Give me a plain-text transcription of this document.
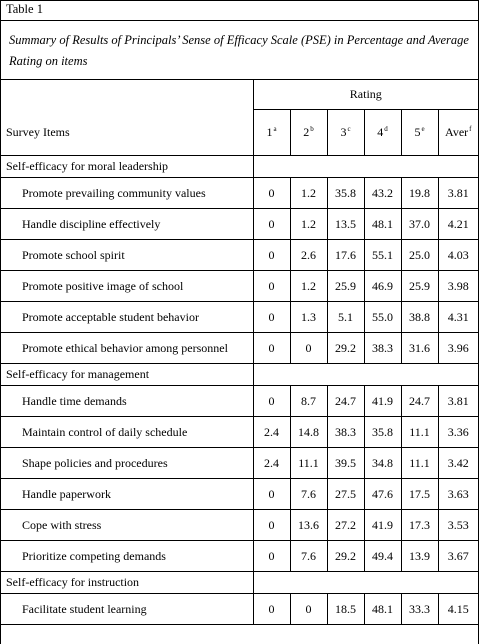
Table 1
Summary of Results of Principals’ Sense of Efficacy Scale (PSE) in Percentage and Average Rating on items
	Rating					
Survey Items	1$^a$	2$^b$	3$^c$	4$^d$	5e	Aver$^f$
Self-efficacy for moral leadership						
Promote prevailing community values	0	1.2	35.8	43.2	19.8	3.81
Handle discipline effectively	0	1.2	13.5	48.1	37.0	4.21
Promote school spirit	0	2.6	17.6	55.1	25.0	4.03
Promote positive image of school	0	1.2	25.9	46.9	25.9	3.98
Promote acceptable student behavior	0	1.3	5.1	55.0	38.8	4.31
Promote ethical behavior among personnel	0	0	29.2	38.3	31.6	3.96
Self-efficacy for management						
Handle time demands	0	8.7	24.7	41.9	24.7	3.81
Maintain control of daily schedule	2.4	14.8	38.3	35.8	11.1	3.36
Shape policies and procedures	2.4	11.1	39.5	34.8	11.1	3.42
Handle paperwork	0	7.6	27.5	47.6	17.5	3.63
Cope with stress	0	13.6	27.2	41.9	17.3	3.53
Prioritize competing demands	0	7.6	29.2	49.4	13.9	3.67
Self-efficacy for instruction						
Facilitate student learning	0	0	18.5	48.1	33.3	4.15
